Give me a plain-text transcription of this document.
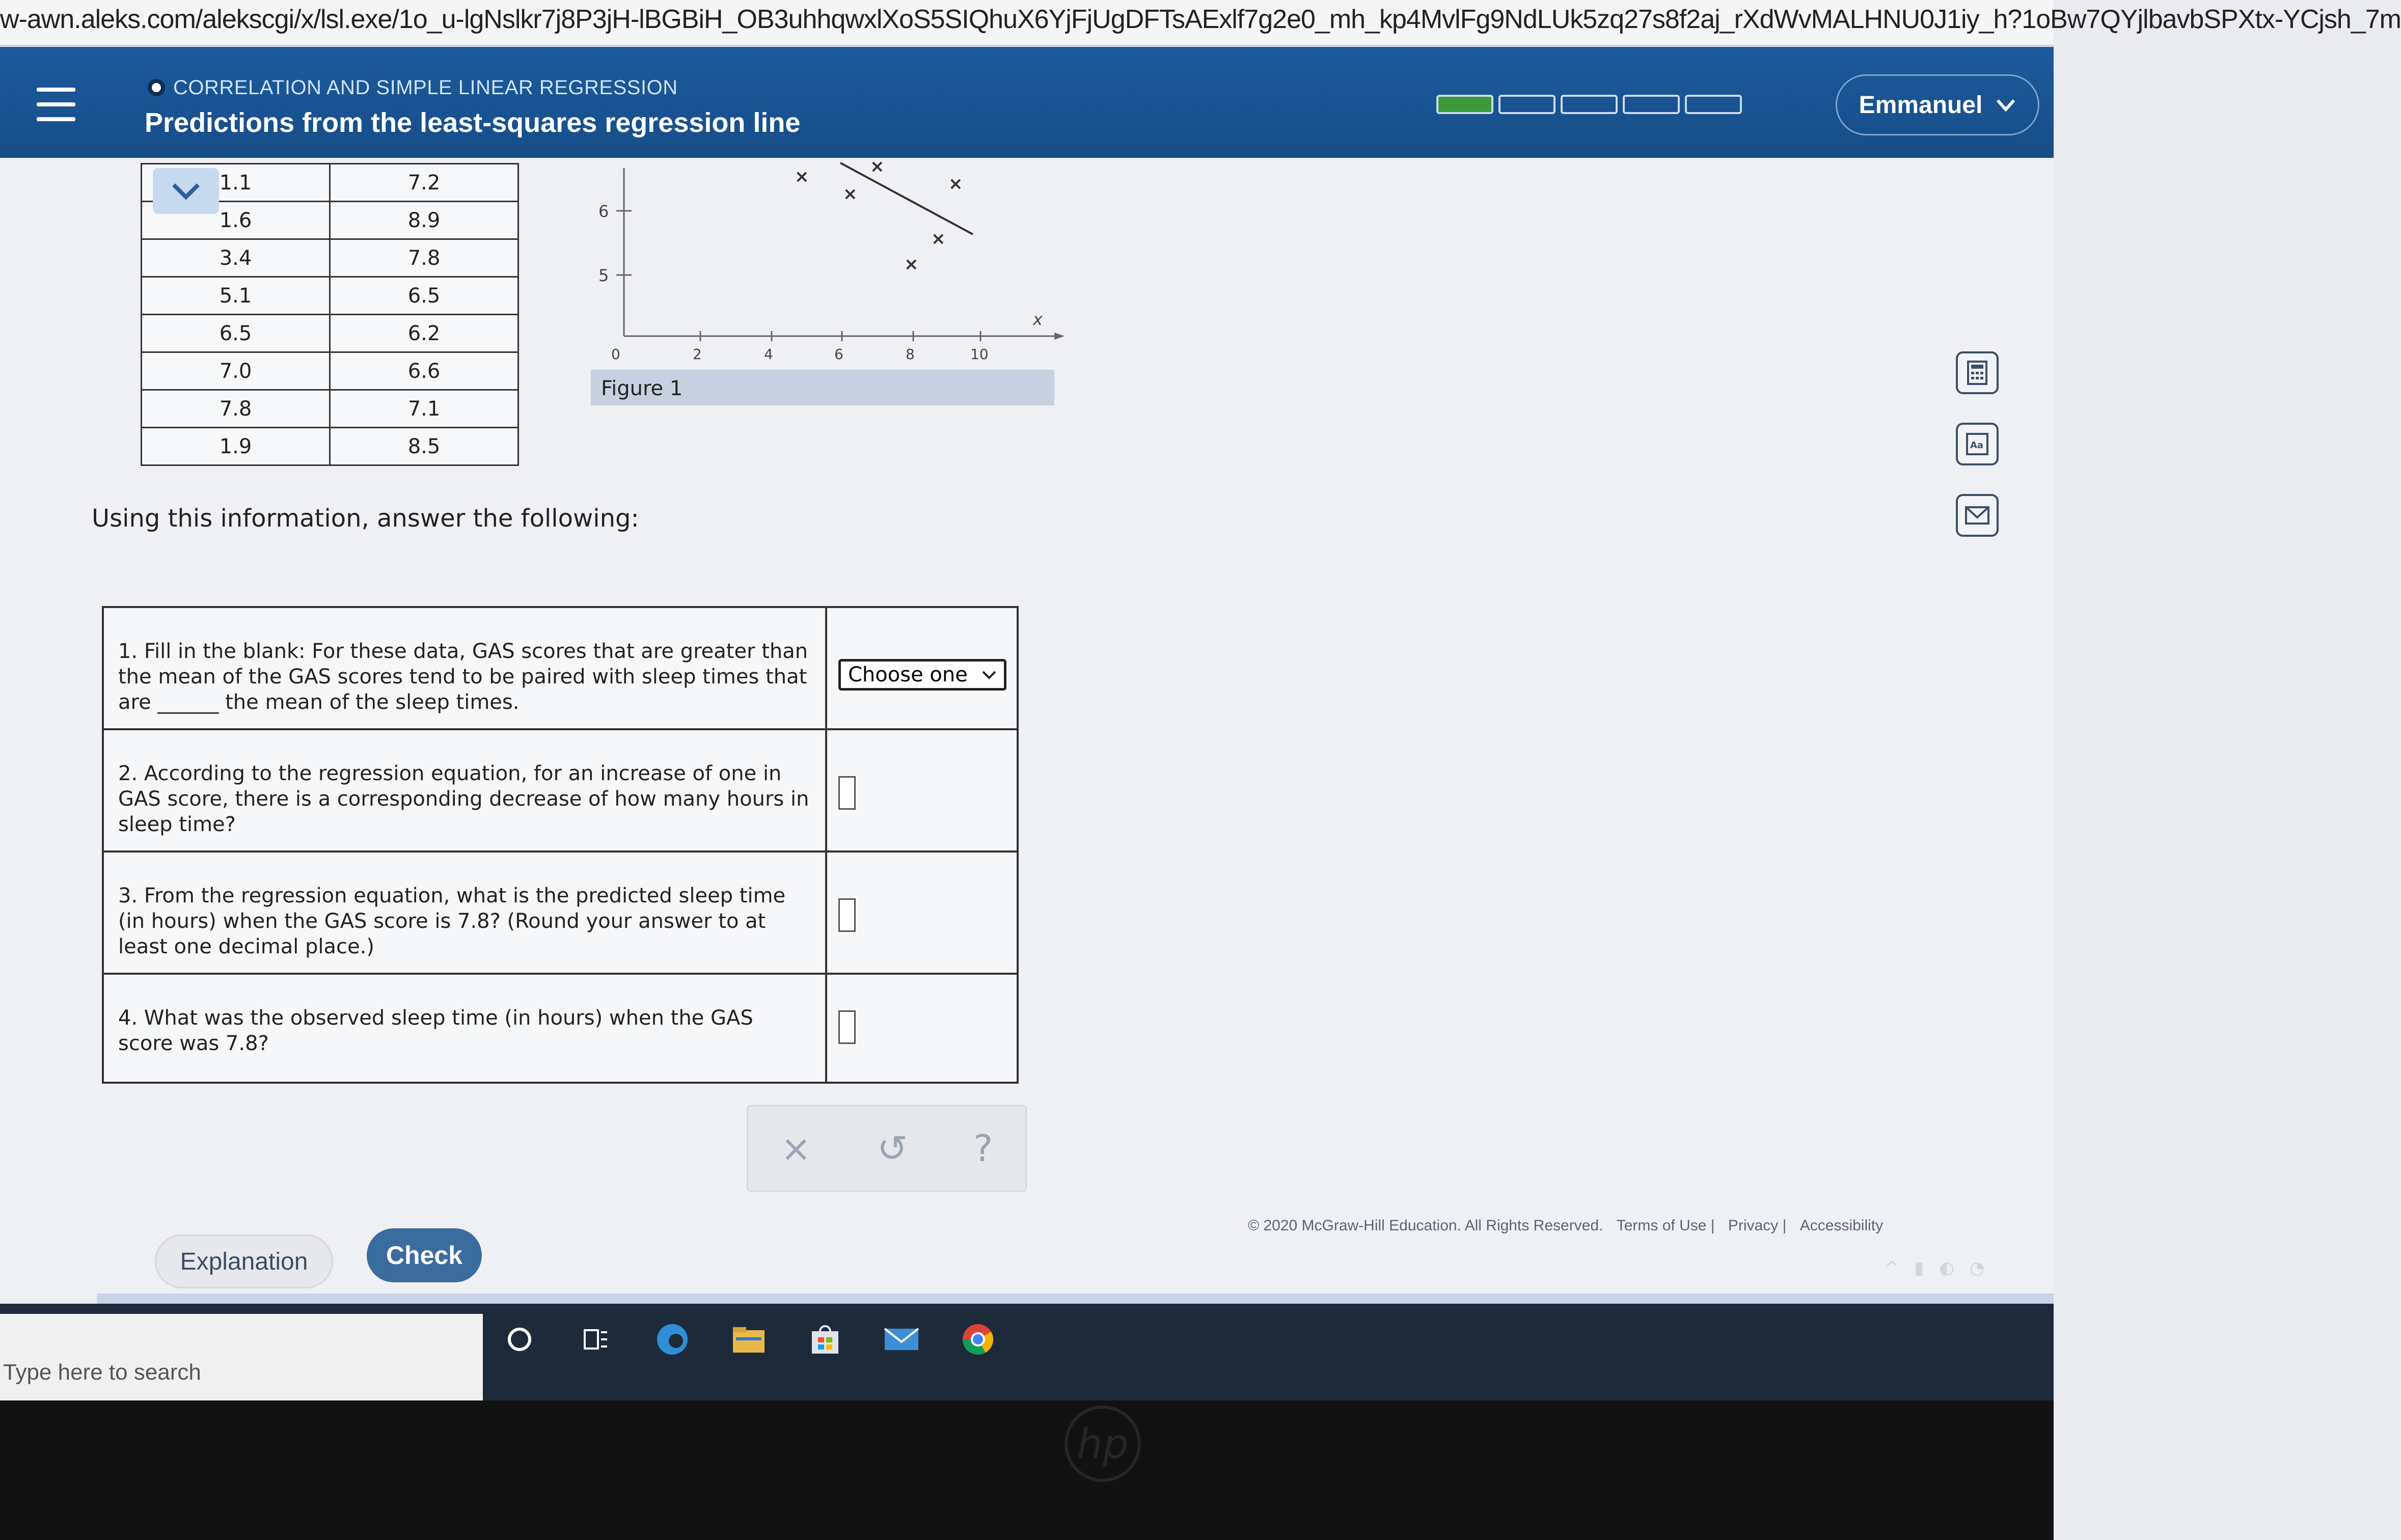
w-awn.aleks.com/alekscgi/x/lsl.exe/1o_u-lgNslkr7j8P3jH-lBGBiH_OB3uhhqwxlXoS5SIQhuX6YjFjUgDFTsAExlf7g2e0_mh_kp4MvlFg9NdLUk5zq27s8f2aj_rXdWvMALHNU0J1iy_h?1oBw7QYjlbavbSPXtx-YCjsh_7m
CORRELATION AND SIMPLE LINEAR REGRESSION
Predictions from the least-squares regression line
Emmanuel
1.1	7.2
1.6	8.9
3.4	7.8
5.1	6.5
6.5	6.2
7.0	6.6
7.8	7.1
1.9	8.5
6
5
x
0	2	4	6	8	10
×
×
×
×
×
×
Figure 1
Aa
Using this information, answer the following:
1. Fill in the blank: For these data, GAS scores that are greater than the mean of the GAS scores tend to be paired with sleep times that are ______ the mean of the sleep times.
Choose one
2. According to the regression equation, for an increase of one in GAS score, there is a corresponding decrease of how many hours in sleep time?
3. From the regression equation, what is the predicted sleep time (in hours) when the GAS score is 7.8? (Round your answer to at least one decimal place.)
4. What was the observed sleep time (in hours) when the GAS score was 7.8?
× ↺ ?
Explanation	Check
© 2020 McGraw-Hill Education. All Rights Reserved. Terms of Use | Privacy | Accessibility
Type here to search
^ ▮ ◐ ◔
hp
